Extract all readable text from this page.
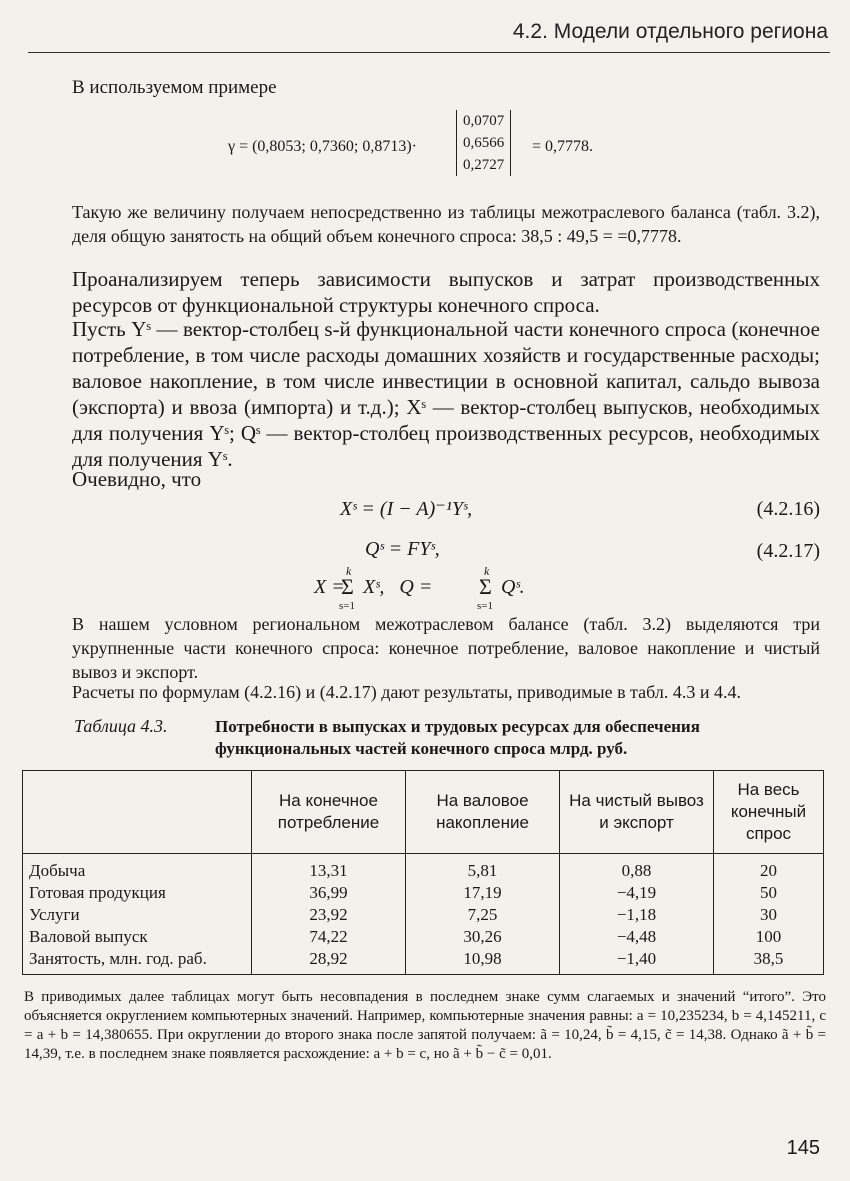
4.2. Модели отдельного региона
В используемом примере
γ = (0,8053; 0,7360; 0,8713)·
0,0707
0,6566
0,2727
= 0,7778.
Такую же величину получаем непосредственно из таблицы межотраслевого баланса (табл. 3.2), деля общую занятость на общий объем конечного спроса: 38,5 : 49,5 = =0,7778.
Проанализируем теперь зависимости выпусков и затрат производственных ресурсов от функциональной структуры конечного спроса.
Пусть Yˢ — вектор-столбец s-й функциональной части конечного спроса (конечное потребление, в том числе расходы домашних хозяйств и государственные расходы; валовое накопление, в том числе инвестиции в основной капитал, сальдо вывоза (экспорта) и ввоза (импорта) и т.д.); Xˢ — вектор-столбец выпусков, необходимых для получения Yˢ; Qˢ — вектор-столбец производственных ресурсов, необходимых для получения Yˢ.
Очевидно, что
Xˢ = (I − A)⁻¹Yˢ,	(4.2.16)
Qˢ = FYˢ,	(4.2.17)
X =
k
Σ
s=1
Xˢ,   Q =
k
Σ
s=1
Qˢ.
В нашем условном региональном межотраслевом балансе (табл. 3.2) выделяются три укрупненные части конечного спроса: конечное потребление, валовое накопление и чистый вывоз и экспорт.
Расчеты по формулам (4.2.16) и (4.2.17) дают результаты, приводимые в табл. 4.3 и 4.4.
Таблица 4.3.	Потребности в выпусках и трудовых ресурсах для обеспечения функциональных частей конечного спроса млрд. руб.
	На конечное потребление	На валовое накопление	На чистый вывоз и экспорт	На весь конечный спрос
Добыча	13,31	5,81	0,88	20
Готовая продукция	36,99	17,19	−4,19	50
Услуги	23,92	7,25	−1,18	30
Валовой выпуск	74,22	30,26	−4,48	100
Занятость, млн. год. раб.	28,92	10,98	−1,40	38,5
В приводимых далее таблицах могут быть несовпадения в последнем знаке сумм слагаемых и значений “итого”. Это объясняется округлением компьютерных значений. Например, компьютерные значения равны: a = 10,235234, b = 4,145211, c = a + b = 14,380655. При округлении до второго знака после запятой получаем: ã = 10,24, b̃ = 4,15, c̃ = 14,38. Однако ã + b̃ = 14,39, т.е. в последнем знаке появляется расхождение: a + b = c, но ã + b̃ − c̃ = 0,01.
145
